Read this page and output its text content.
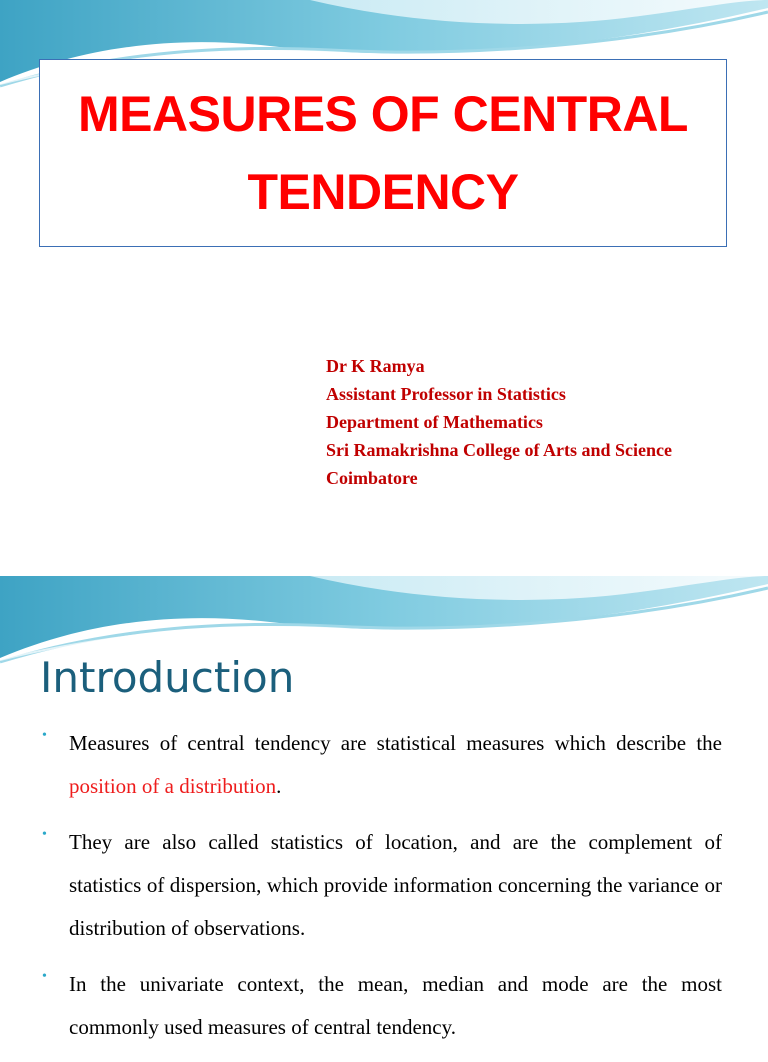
MEASURES OF CENTRAL
TENDENCY
Dr K Ramya
Assistant Professor in Statistics
Department of Mathematics
Sri Ramakrishna College of Arts and Science
Coimbatore
Introduction
• Measures of central tendency are statistical measures which describe the position of a distribution.
• They are also called statistics of location, and are the complement of statistics of dispersion, which provide information concerning the variance or distribution of observations.
• In the univariate context, the mean, median and mode are the most commonly used measures of central tendency.
